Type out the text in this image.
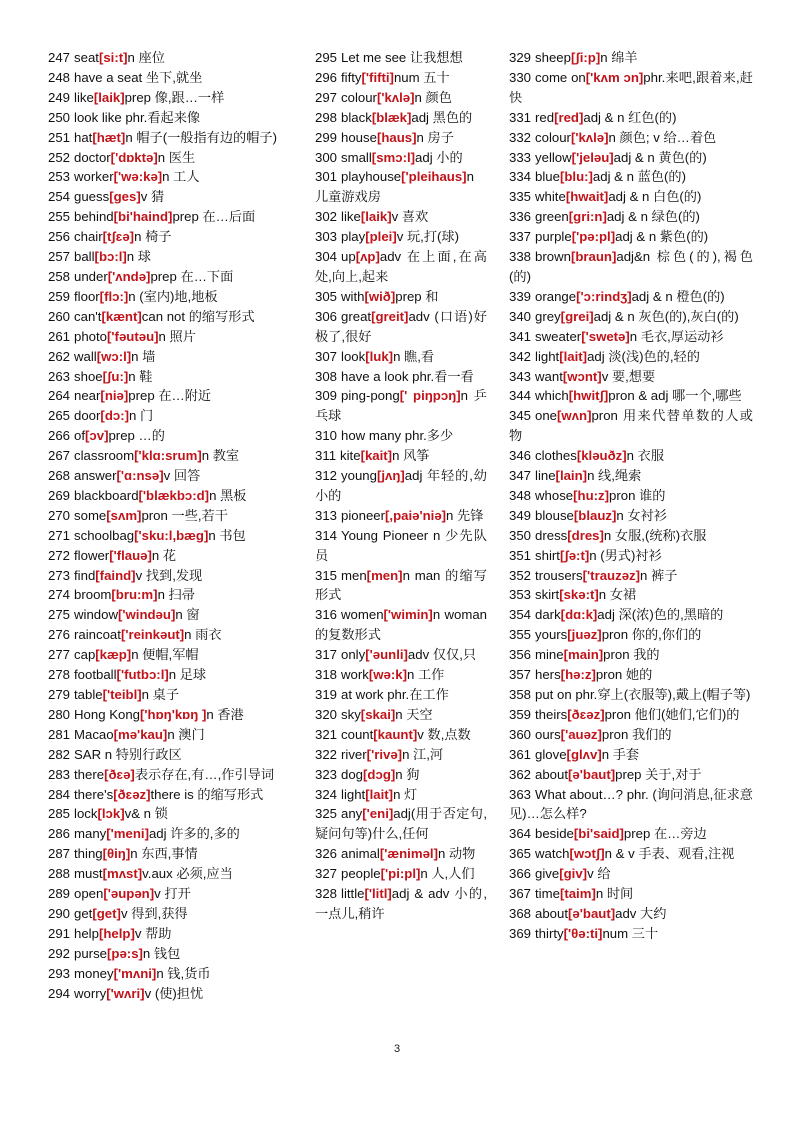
247 seat[si:t]n 座位
248 have a seat 坐下,就坐
249 like[laik]prep 像,跟…一样
250 look like phr.看起来像
251 hat[hæt]n 帽子(一般指有边的帽子)
252 doctor['dɒktə]n 医生
253 worker['wə:kə]n 工人
254 guess[ges]v 猜
255 behind[bi'haind]prep 在…后面
256 chair[tʃɛə]n 椅子
257 ball[bɔ:l]n 球
258 under['ʌndə]prep 在…下面
259 floor[flɔ:]n (室内)地,地板
260 can't[kænt]can not 的缩写形式
261 photo['fəutəu]n 照片
262 wall[wɔ:l]n 墙
263 shoe[ʃu:]n 鞋
264 near[niə]prep 在…附近
265 door[dɔ:]n 门
266 of[ɔv]prep …的
267 classroom['klɑ:srum]n 教室
268 answer['ɑ:nsə]v 回答
269 blackboard['blækbɔ:d]n 黑板
270 some[sʌm]pron 一些,若干
271 schoolbag['sku:l,bæg]n 书包
272 flower['flauə]n 花
273 find[faind]v 找到,发现
274 broom[bru:m]n 扫帚
275 window['windəu]n 窗
276 raincoat['reinkəut]n 雨衣
277 cap[kæp]n 便帽,军帽
278 football['futbɔ:l]n 足球
279 table['teibl]n 桌子
280 Hong Kong['hɒŋ'kɒŋ ]n 香港
281 Macao[mə'kau]n 澳门
282 SAR n 特别行政区
283 there[ðɛə]表示存在,有…,作引导词
284 there's[ðɛəz]there is 的缩写形式
285 lock[lɔk]v& n 锁
286 many['meni]adj 许多的,多的
287 thing[θiŋ]n 东西,事情
288 must[mʌst]v.aux 必须,应当
289 open['əupən]v 打开
290 get[get]v 得到,获得
291 help[help]v 帮助
292 purse[pə:s]n 钱包
293 money['mʌni]n 钱,货币
294 worry['wʌri]v (使)担忧
295 Let me see 让我想想
296 fifty['fifti]num 五十
297 colour['kʌlə]n 颜色
298 black[blæk]adj 黑色的
299 house[haus]n 房子
300 small[smɔ:l]adj 小的
301 playhouse['pleihaus]n 儿童游戏房
302 like[laik]v 喜欢
303 play[plei]v 玩,打(球)
304 up[ʌp]adv 在上面,在高处,向上,起来
305 with[wið]prep 和
306 great[greit]adv (口语)好极了,很好
307 look[luk]n 瞧,看
308 have a look phr.看一看
309 ping-pong[' piŋpɔŋ]n 乒乓球
310 how many phr.多少
311 kite[kait]n 风筝
312 young[jʌŋ]adj 年轻的,幼小的
313 pioneer[,paiə'niə]n 先锋
314 Young Pioneer n 少先队员
315 men[men]n man 的缩写形式
316 women['wimin]n woman 的复数形式
317 only['əunli]adv 仅仅,只
318 work[wə:k]n 工作
319 at work phr.在工作
320 sky[skai]n 天空
321 count[kaunt]v 数,点数
322 river['rivə]n 江,河
323 dog[dɔg]n 狗
324 light[lait]n 灯
325 any['eni]adj(用于否定句,疑问句等)什么,任何
326 animal['æniməl]n 动物
327 people['pi:pl]n 人,人们
328 little['litl]adj & adv 小的,一点儿,稍许
329 sheep[ʃi:p]n 绵羊
330 come on['kʌm ɔn]phr.来吧,跟着来,赶快
331 red[red]adj & n 红色(的)
332 colour['kʌlə]n 颜色; v 给…着色
333 yellow['jeləu]adj & n 黄色(的)
334 blue[blu:]adj & n 蓝色(的)
335 white[hwait]adj & n 白色(的)
336 green[gri:n]adj & n 绿色(的)
337 purple['pə:pl]adj & n 紫色(的)
338 brown[braun]adj&n 棕色(的),褐色(的)
339 orange['ɔ:rindʒ]adj & n 橙色(的)
340 grey[grei]adj & n 灰色(的),灰白(的)
341 sweater['swetə]n 毛衣,厚运动衫
342 light[lait]adj 淡(浅)色的,轻的
343 want[wɔnt]v 要,想要
344 which[hwitʃ]pron & adj 哪一个,哪些
345 one[wʌn]pron 用来代替单数的人或物
346 clothes[kləuðz]n 衣服
347 line[lain]n 线,绳索
348 whose[hu:z]pron 谁的
349 blouse[blauz]n 女衬衫
350 dress[dres]n 女服,(统称)衣服
351 shirt[ʃə:t]n (男式)衬衫
352 trousers['trauzəz]n 裤子
353 skirt[skə:t]n 女裙
354 dark[dɑ:k]adj 深(浓)色的,黑暗的
355 yours[juəz]pron 你的,你们的
356 mine[main]pron 我的
357 hers[hə:z]pron 她的
358 put on phr.穿上(衣服等),戴上(帽子等)
359 theirs[ðɛəz]pron 他们(她们,它们)的
360 ours['auəz]pron 我们的
361 glove[glʌv]n 手套
362 about[ə'baut]prep 关于,对于
363 What about…? phr. (询问消息,征求意见)…怎么样?
364 beside[bi'said]prep 在…旁边
365 watch[wɔtʃ]n & v 手表、观看,注视
366 give[giv]v 给
367 time[taim]n 时间
368 about[ə'baut]adv 大约
369 thirty['θə:ti]num 三十
3
